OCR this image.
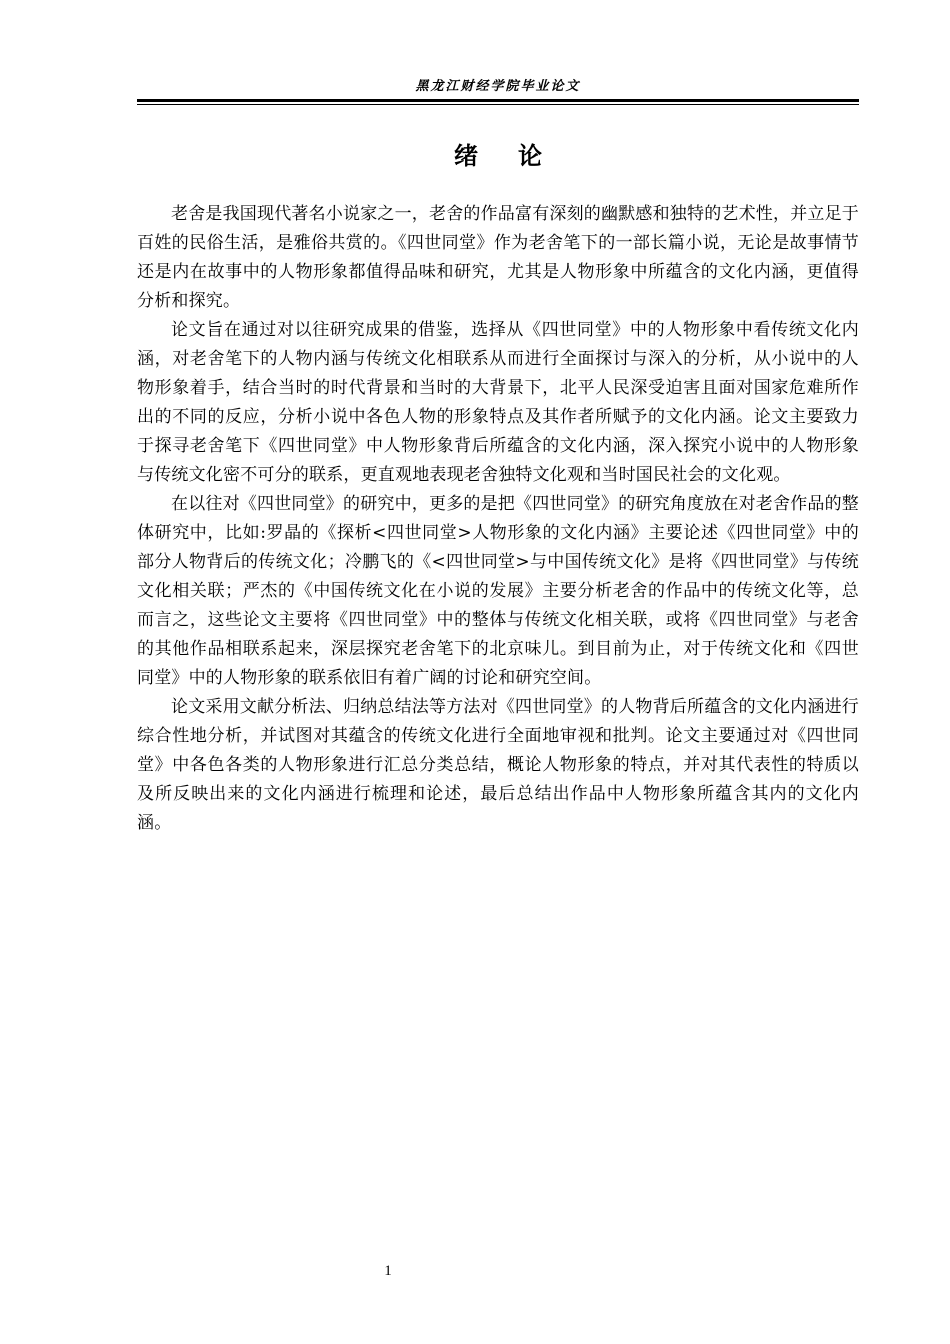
黑龙江财经学院毕业论文
绪论

老舍是我国现代著名小说家之一，老舍的作品富有深刻的幽默感和独特的艺术性，并立足于百姓的民俗生活，是雅俗共赏的。《四世同堂》作为老舍笔下的一部长篇小说，无论是故事情节还是内在故事中的人物形象都值得品味和研究，尤其是人物形象中所蕴含的文化内涵，更值得分析和探究。

论文旨在通过对以往研究成果的借鉴，选择从《四世同堂》中的人物形象中看传统文化内涵，对老舍笔下的人物内涵与传统文化相联系从而进行全面探讨与深入的分析，从小说中的人物形象着手，结合当时的时代背景和当时的大背景下，北平人民深受迫害且面对国家危难所作出的不同的反应，分析小说中各色人物的形象特点及其作者所赋予的文化内涵。论文主要致力于探寻老舍笔下《四世同堂》中人物形象背后所蕴含的文化内涵，深入探究小说中的人物形象与传统文化密不可分的联系，更直观地表现老舍独特文化观和当时国民社会的文化观。

在以往对《四世同堂》的研究中，更多的是把《四世同堂》的研究角度放在对老舍作品的整体研究中，比如:罗晶的《探析<四世同堂>人物形象的文化内涵》主要论述《四世同堂》中的部分人物背后的传统文化；冷鹏飞的《<四世同堂>与中国传统文化》是将《四世同堂》与传统文化相关联；严杰的《中国传统文化在小说的发展》主要分析老舍的作品中的传统文化等，总而言之，这些论文主要将《四世同堂》中的整体与传统文化相关联，或将《四世同堂》与老舍的其他作品相联系起来，深层探究老舍笔下的北京味儿。到目前为止，对于传统文化和《四世同堂》中的人物形象的联系依旧有着广阔的讨论和研究空间。

论文采用文献分析法、归纳总结法等方法对《四世同堂》的人物背后所蕴含的文化内涵进行综合性地分析，并试图对其蕴含的传统文化进行全面地审视和批判。论文主要通过对《四世同堂》中各色各类的人物形象进行汇总分类总结，概论人物形象的特点，并对其代表性的特质以及所反映出来的文化内涵进行梳理和论述，最后总结出作品中人物形象所蕴含其内的文化内涵。

1
